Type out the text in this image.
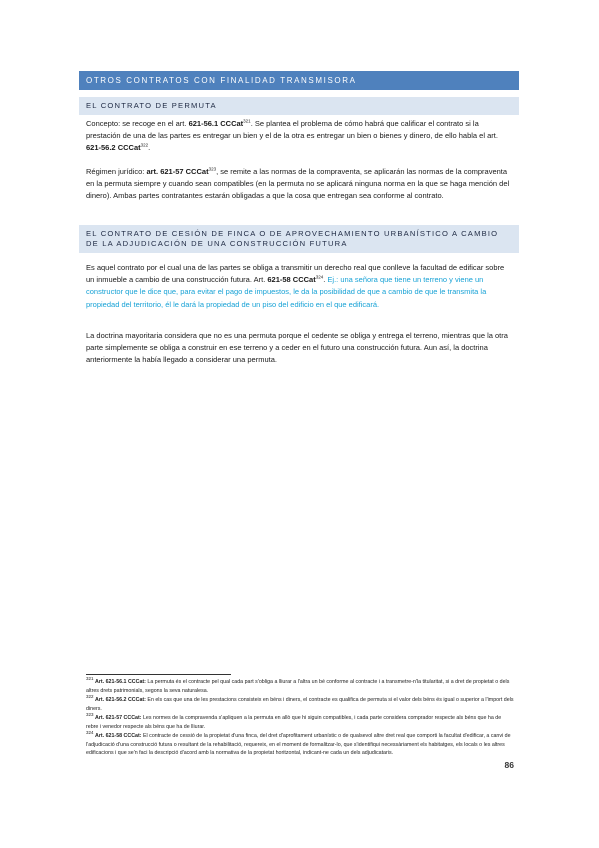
OTROS CONTRATOS CON FINALIDAD TRANSMISORA
EL CONTRATO DE PERMUTA
Concepto: se recoge en el art. 621-56.1 CCCat$^{321}$. Se plantea el problema de cómo habrá que calificar el contrato si la prestación de una de las partes es entregar un bien y el de la otra es entregar un bien o bienes y dinero, de ello habla el art. 621-56.2 CCCat$^{322}$.
Régimen jurídico: art. 621-57 CCCat$^{323}$, se remite a las normas de la compraventa, se aplicarán las normas de la compraventa en la permuta siempre y cuando sean compatibles (en la permuta no se aplicará ninguna norma en la que se haga mención del dinero). Ambas partes contratantes estarán obligadas a que la cosa que entregan sea conforme al contrato.
EL CONTRATO DE CESIÓN DE FINCA O DE APROVECHAMIENTO URBANÍSTICO A CAMBIO DE LA ADJUDICACIÓN DE UNA CONSTRUCCIÓN FUTURA
Es aquel contrato por el cual una de las partes se obliga a transmitir un derecho real que conlleve la facultad de edificar sobre un inmueble a cambio de una construcción futura. Art. 621-58 CCCat$^{324}$. Ej.: una señora que tiene un terreno y viene un constructor que le dice que, para evitar el pago de impuestos, le da la posibilidad de que a cambio de que le transmita la propiedad del territorio, él le dará la propiedad de un piso del edificio en el que edificará.
La doctrina mayoritaria considera que no es una permuta porque el cedente se obliga y entrega el terreno, mientras que la otra parte simplemente se obliga a construir en ese terreno y a ceder en el futuro una construcción futura. Aun así, la doctrina anteriormente la había llegado a considerar una permuta.
$^{321}$ Art. 621-56.1 CCCat: La permuta és el contracte pel qual cada part s'obliga a lliurar a l'altra un bé conforme al contracte i a transmetre-n'la titularitat, si a dret de propietat o dels altres drets patrimonials, segons la seva naturalesa.
$^{322}$ Art. 621-56.2 CCCat: En els cas que una de les prestacions consisteix en béns i diners, el contracte es qualifica de permuta si el valor dels béns és igual o superior a l'import dels diners.
$^{323}$ Art. 621-57 CCCat: Les normes de la compravenda s'apliquen a la permuta en allò que hi siguin compatibles, i cada parte considera comprador respecte als béns que ha de rebre i venedor respecte als béns que ha de lliurar.
$^{324}$ Art. 621-58 CCCat: El contracte de cessió de la propietat d'una finca, del dret d'aprofitament urbanístic o de qualsevol altre dret real que comporti la facultat d'edificar, a canvi de l'adjudicació d'una construcció futura o resultant de la rehabilitació, requereix, en el moment de formalitzar-lo, que s'identifiqui necessàriament els habitatges, els locals o les altres edificacions i que se'n faci la descripció d'acord amb la normativa de la propietat horitzontal, indicant-ne cada un dels adjudicataris.
86
